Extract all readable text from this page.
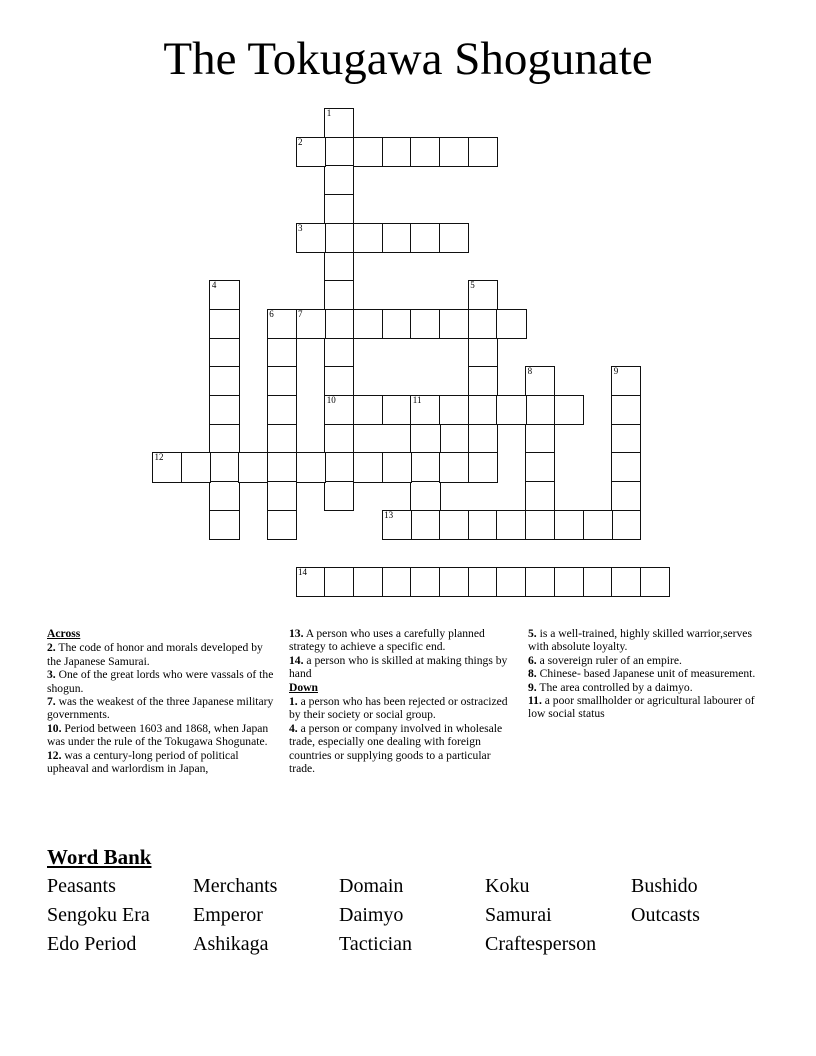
The Tokugawa Shogunate
1
10
2
3
4	5
6	7
8	9
11
12
13
14

Across

2. The code of honor and morals developed by the Japanese Samurai.

3. One of the great lords who were vassals of the shogun.

7. was the weakest of the three Japanese military governments.

10. Period between 1603 and 1868, when Japan was under the rule of the Tokugawa Shogunate.

12. was a century-long period of political upheaval and warlordism in Japan,

13. A person who uses a carefully planned strategy to achieve a specific end.

14. a person who is skilled at making things by hand

Down

1. a person who has been rejected or ostracized by their society or social group.

4. a person or company involved in wholesale trade, especially one dealing with foreign countries or supplying goods to a particular trade.

5. is a well-trained, highly skilled warrior,serves with absolute loyalty.

6. a sovereign ruler of an empire.

8. Chinese- based Japanese unit of measurement.

9. The area controlled by a daimyo.

11. a poor smallholder or agricultural labourer of low social status

Word Bank
Peasants	Merchants	Domain	Koku	Bushido
Sengoku Era	Emperor	Daimyo	Samurai	Outcasts
Edo Period	Ashikaga	Tactician	Craftesperson
